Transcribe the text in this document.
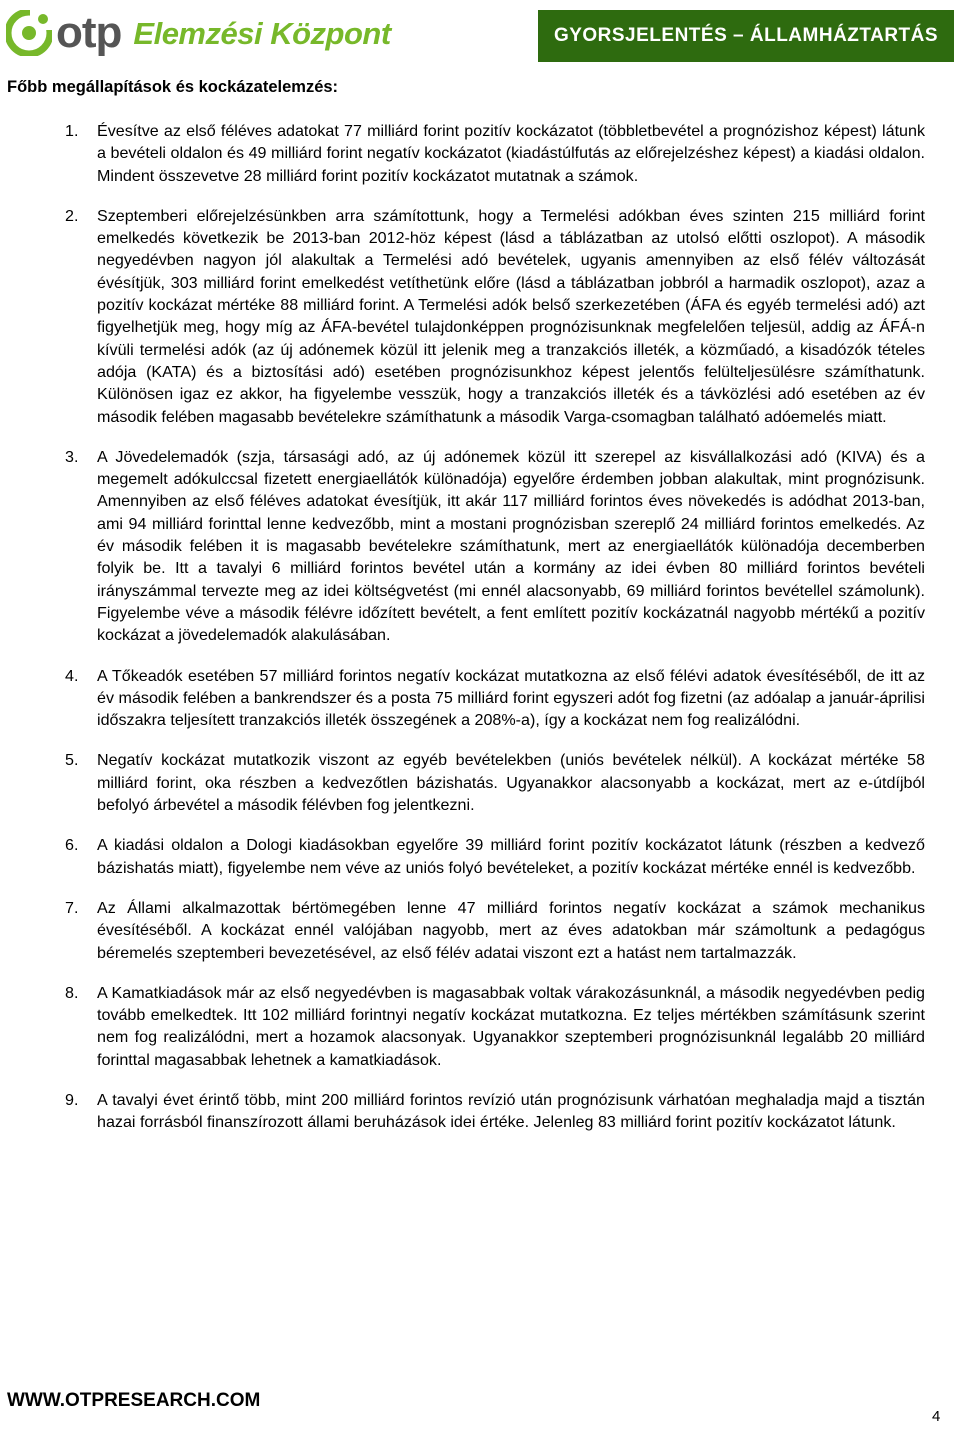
otp Elemzési Központ	GYORSJELENTÉS – ÁLLAMHÁZTARTÁS
Főbb megállapítások és kockázatelemzés:
1. Évesítve az első féléves adatokat 77 milliárd forint pozitív kockázatot (többletbevétel a prognózishoz képest) látunk a bevételi oldalon és 49 milliárd forint negatív kockázatot (kiadástúlfutás az előrejelzéshez képest) a kiadási oldalon. Mindent összevetve 28 milliárd forint pozitív kockázatot mutatnak a számok.
2. Szeptemberi előrejelzésünkben arra számítottunk, hogy a Termelési adókban éves szinten 215 milliárd forint emelkedés következik be 2013-ban 2012-höz képest (lásd a táblázatban az utolsó előtti oszlopot). A második negyedévben nagyon jól alakultak a Termelési adó bevételek, ugyanis amennyiben az első félév változását évésítjük, 303 milliárd forint emelkedést vetíthetünk előre (lásd a táblázatban jobbról a harmadik oszlopot), azaz a pozitív kockázat mértéke 88 milliárd forint. A Termelési adók belső szerkezetében (ÁFA és egyéb termelési adó) azt figyelhetjük meg, hogy míg az ÁFA-bevétel tulajdonképpen prognózisunknak megfelelően teljesül, addig az ÁFÁ-n kívüli termelési adók (az új adónemek közül itt jelenik meg a tranzakciós illeték, a közműadó, a kisadózók tételes adója (KATA) és a biztosítási adó) esetében prognózisunkhoz képest jelentős felülteljesülésre számíthatunk. Különösen igaz ez akkor, ha figyelembe vesszük, hogy a tranzakciós illeték és a távközlési adó esetében az év második felében magasabb bevételekre számíthatunk a második Varga-csomagban található adóemelés miatt.
3. A Jövedelemadók (szja, társasági adó, az új adónemek közül itt szerepel az kisvállalkozási adó (KIVA) és a megemelt adókulccsal fizetett energiaellátók különadója) egyelőre érdemben jobban alakultak, mint prognózisunk. Amennyiben az első féléves adatokat évesítjük, itt akár 117 milliárd forintos éves növekedés is adódhat 2013-ban, ami 94 milliárd forinttal lenne kedvezőbb, mint a mostani prognózisban szereplő 24 milliárd forintos emelkedés. Az év második felében it is magasabb bevételekre számíthatunk, mert az energiaellátók különadója decemberben folyik be. Itt a tavalyi 6 milliárd forintos bevétel után a kormány az idei évben 80 milliárd forintos bevételi irányszámmal tervezte meg az idei költségvetést (mi ennél alacsonyabb, 69 milliárd forintos bevétellel számolunk). Figyelembe véve a második félévre időzített bevételt, a fent említett pozitív kockázatnál nagyobb mértékű a pozitív kockázat a jövedelemadók alakulásában.
4. A Tőkeadók esetében 57 milliárd forintos negatív kockázat mutatkozna az első félévi adatok évesítéséből, de itt az év második felében a bankrendszer és a posta 75 milliárd forint egyszeri adót fog fizetni (az adóalap a január-áprilisi időszakra teljesített tranzakciós illeték összegének a 208%-a), így a kockázat nem fog realizálódni.
5. Negatív kockázat mutatkozik viszont az egyéb bevételekben (uniós bevételek nélkül). A kockázat mértéke 58 milliárd forint, oka részben a kedvezőtlen bázishatás. Ugyanakkor alacsonyabb a kockázat, mert az e-útdíjból befolyó árbevétel a második félévben fog jelentkezni.
6. A kiadási oldalon a Dologi kiadásokban egyelőre 39 milliárd forint pozitív kockázatot látunk (részben a kedvező bázishatás miatt), figyelembe nem véve az uniós folyó bevételeket, a pozitív kockázat mértéke ennél is kedvezőbb.
7. Az Állami alkalmazottak bértömegében lenne 47 milliárd forintos negatív kockázat a számok mechanikus évesítéséből. A kockázat ennél valójában nagyobb, mert az éves adatokban már számoltunk a pedagógus béremelés szeptemberi bevezetésével, az első félév adatai viszont ezt a hatást nem tartalmazzák.
8. A Kamatkiadások már az első negyedévben is magasabbak voltak várakozásunknál, a második negyedévben pedig tovább emelkedtek. Itt 102 milliárd forintnyi negatív kockázat mutatkozna. Ez teljes mértékben számításunk szerint nem fog realizálódni, mert a hozamok alacsonyak. Ugyanakkor szeptemberi prognózisunknál legalább 20 milliárd forinttal magasabbak lehetnek a kamatkiadások.
9. A tavalyi évet érintő több, mint 200 milliárd forintos revízió után prognózisunk várhatóan meghaladja majd a tisztán hazai forrásból finanszírozott állami beruházások idei értéke. Jelenleg 83 milliárd forint pozitív kockázatot látunk.
WWW.OTPRESEARCH.COM
4
